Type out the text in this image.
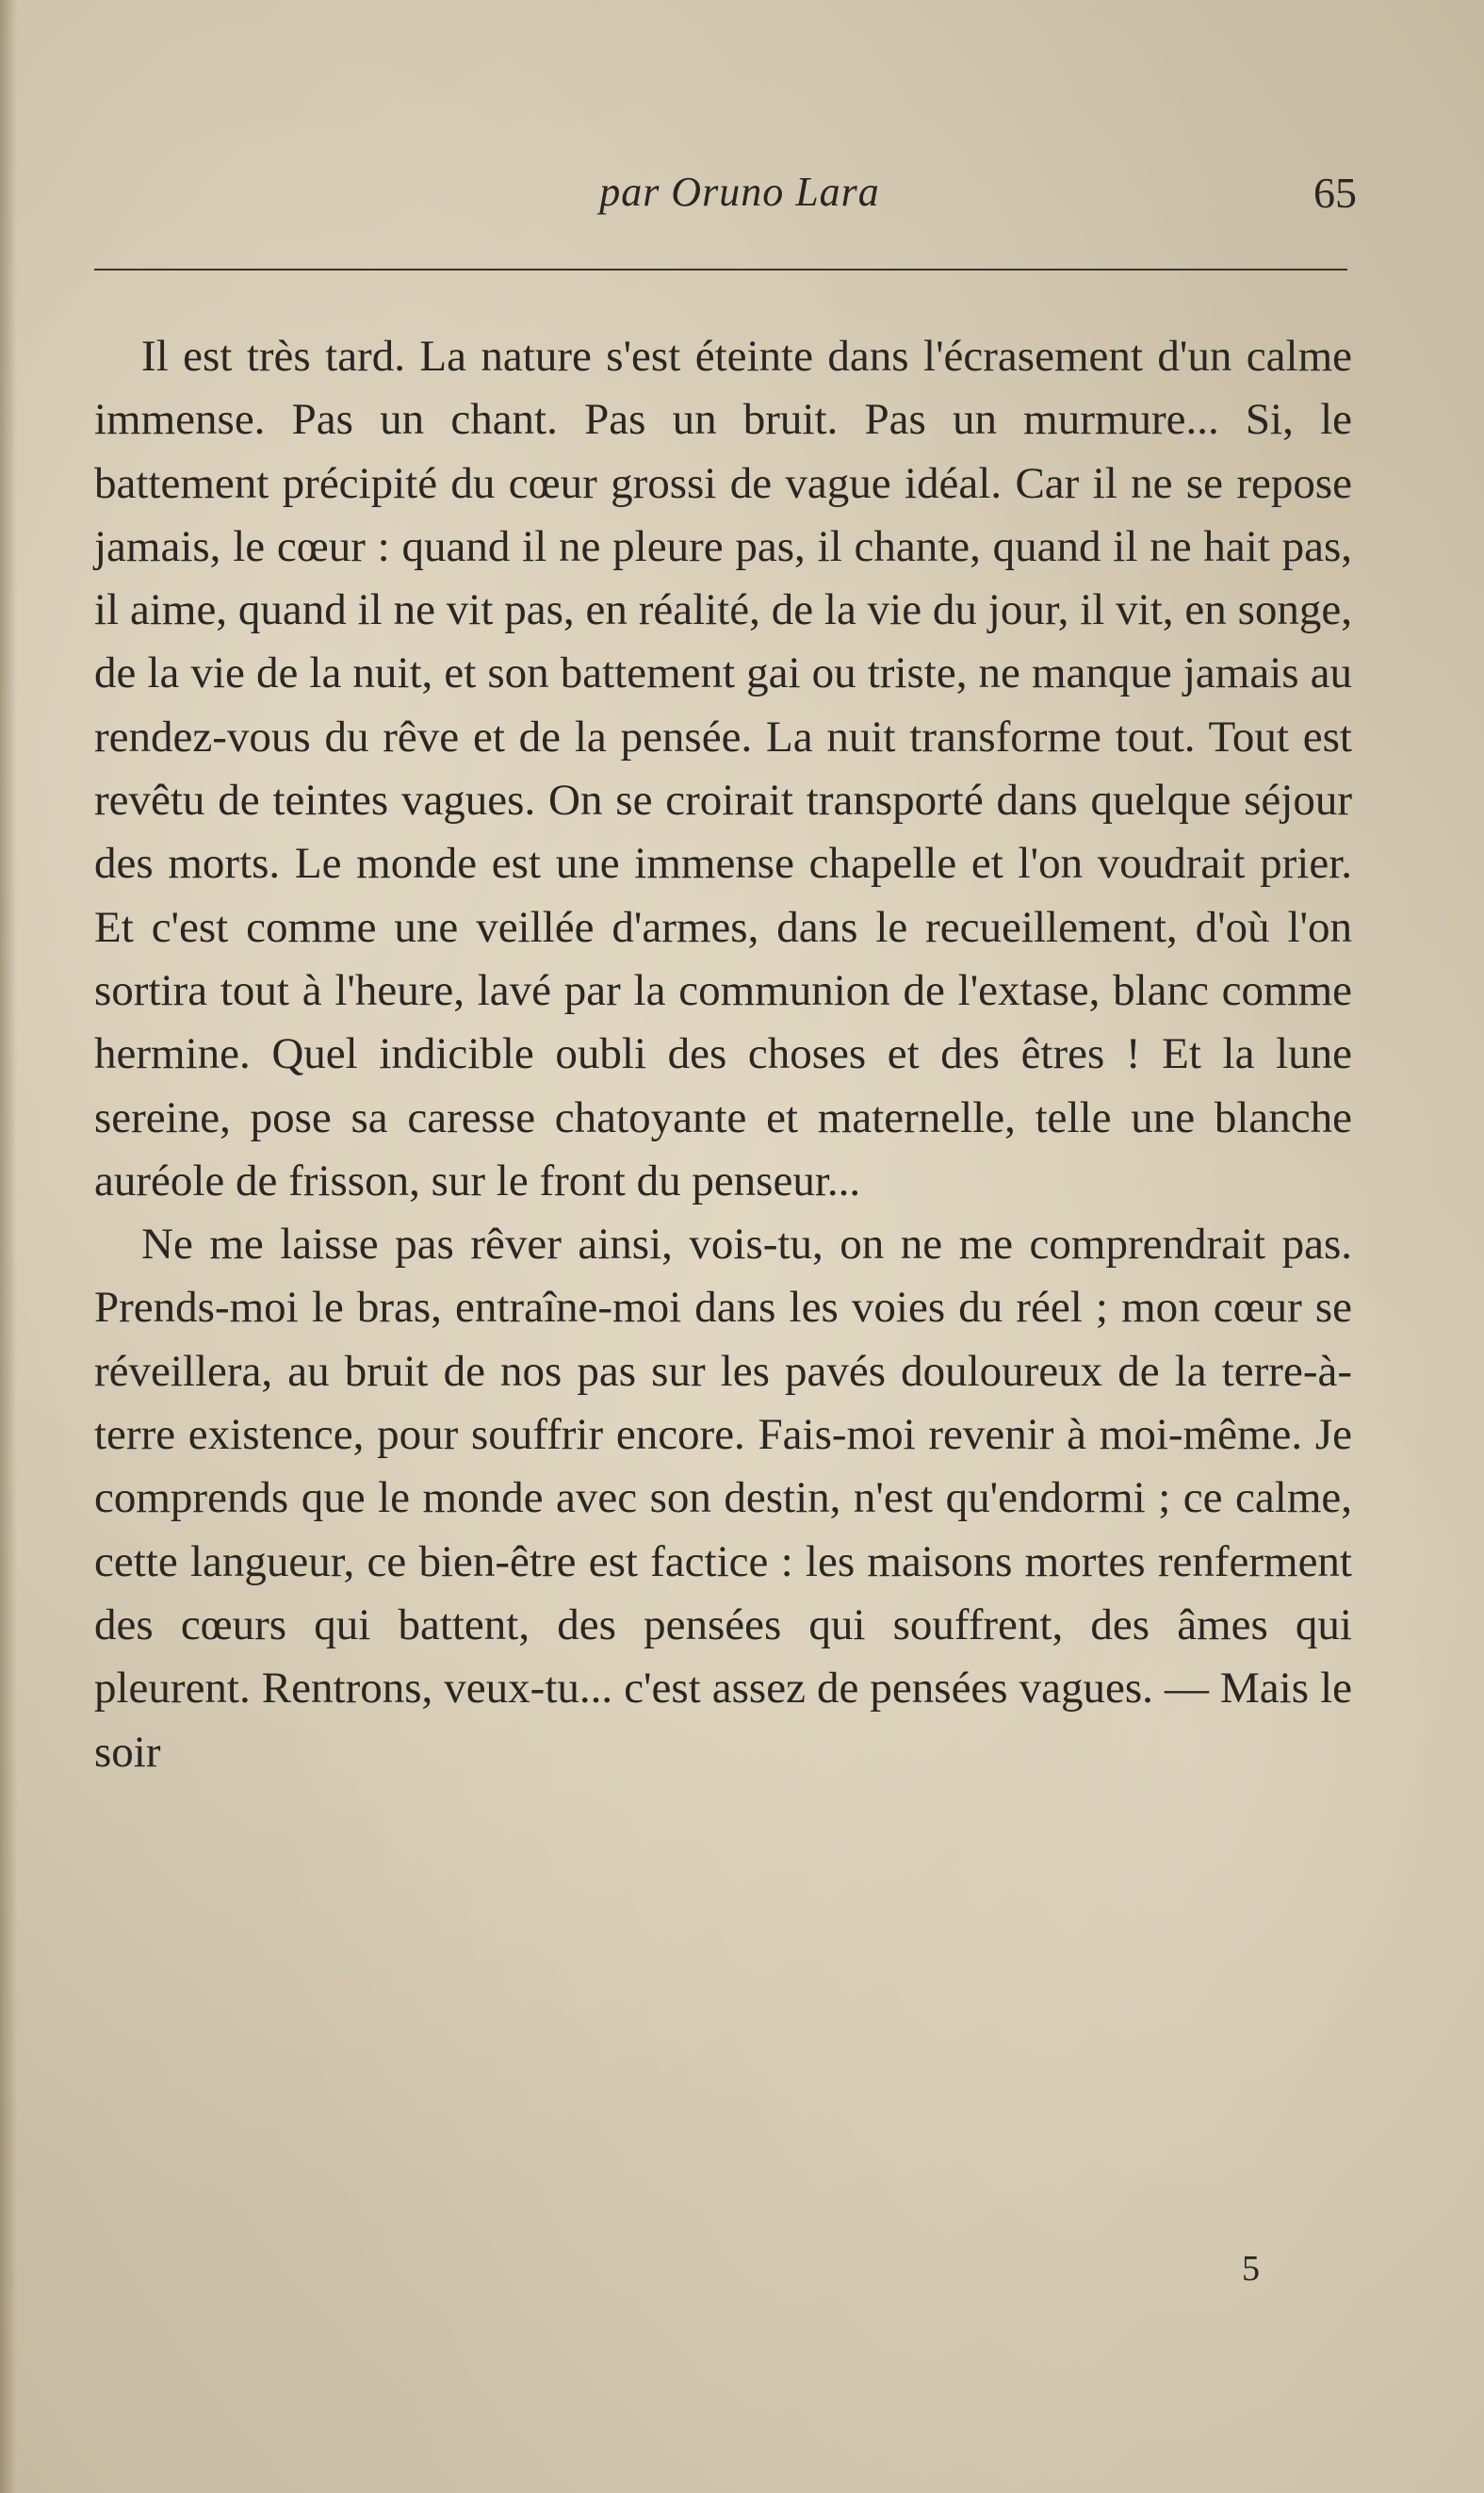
par Oruno Lara	65

Il est très tard. La nature s'est éteinte dans l'écrasement d'un calme immense. Pas un chant. Pas un bruit. Pas un murmure... Si, le battement précipité du cœur grossi de vague idéal. Car il ne se repose jamais, le cœur : quand il ne pleure pas, il chante, quand il ne hait pas, il aime, quand il ne vit pas, en réalité, de la vie du jour, il vit, en songe, de la vie de la nuit, et son battement gai ou triste, ne manque jamais au rendez-vous du rêve et de la pensée. La nuit transforme tout. Tout est revêtu de teintes vagues. On se croirait transporté dans quelque séjour des morts. Le monde est une immense chapelle et l'on voudrait prier. Et c'est comme une veillée d'armes, dans le recueillement, d'où l'on sortira tout à l'heure, lavé par la communion de l'extase, blanc comme hermine. Quel indicible oubli des choses et des êtres ! Et la lune sereine, pose sa caresse chatoyante et maternelle, telle une blanche auréole de frisson, sur le front du penseur...

Ne me laisse pas rêver ainsi, vois-tu, on ne me comprendrait pas. Prends-moi le bras, entraîne-moi dans les voies du réel ; mon cœur se réveillera, au bruit de nos pas sur les pavés douloureux de la terre-à-terre existence, pour souffrir encore. Fais-moi revenir à moi-même. Je comprends que le monde avec son destin, n'est qu'endormi ; ce calme, cette langueur, ce bien-être est factice : les maisons mortes renferment des cœurs qui battent, des pensées qui souffrent, des âmes qui pleurent. Rentrons, veux-tu... c'est assez de pensées vagues. — Mais le soir

5
